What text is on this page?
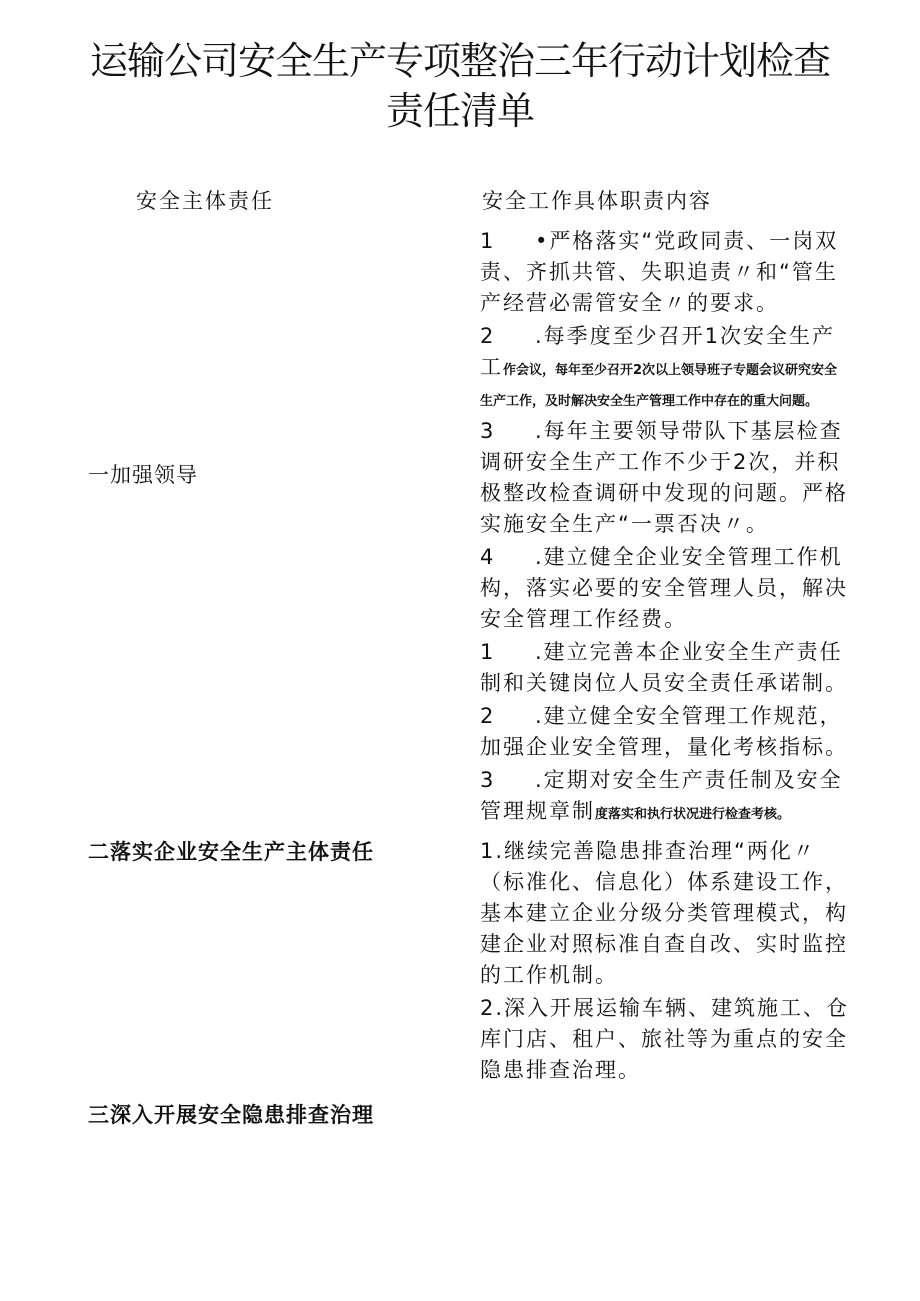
运输公司安全生产专项整治三年行动计划检查
责任清单
安全主体责任	安全工作具体职责内容
一加强领导
二落实企业安全生产主体责任
三深入开展安全隐患排查治理
1 •严格落实“党政同责、一岗双责、齐抓共管、失职追责〃和“管生产经营必需管安全〃的要求。
2 .每季度至少召开1次安全生产工作会议，每年至少召开2次以上领导班子专题会议研究安全生产工作，及时解决安全生产管理工作中存在的重大问题。
3 .每年主要领导带队下基层检查调研安全生产工作不少于2次，并积极整改检查调研中发现的问题。严格实施安全生产“一票否决〃。
4 .建立健全企业安全管理工作机构，落实必要的安全管理人员，解决安全管理工作经费。
1 .建立完善本企业安全生产责任制和关键岗位人员安全责任承诺制。
2 .建立健全安全管理工作规范，加强企业安全管理，量化考核指标。
3 .定期对安全生产责任制及安全管理规章制度落实和执行状况进行检查考核。
1.继续完善隐患排查治理“两化〃（标准化、信息化）体系建设工作，基本建立企业分级分类管理模式，构建企业对照标准自查自改、实时监控的工作机制。
2.深入开展运输车辆、建筑施工、仓库门店、租户、旅社等为重点的安全隐患排查治理。
